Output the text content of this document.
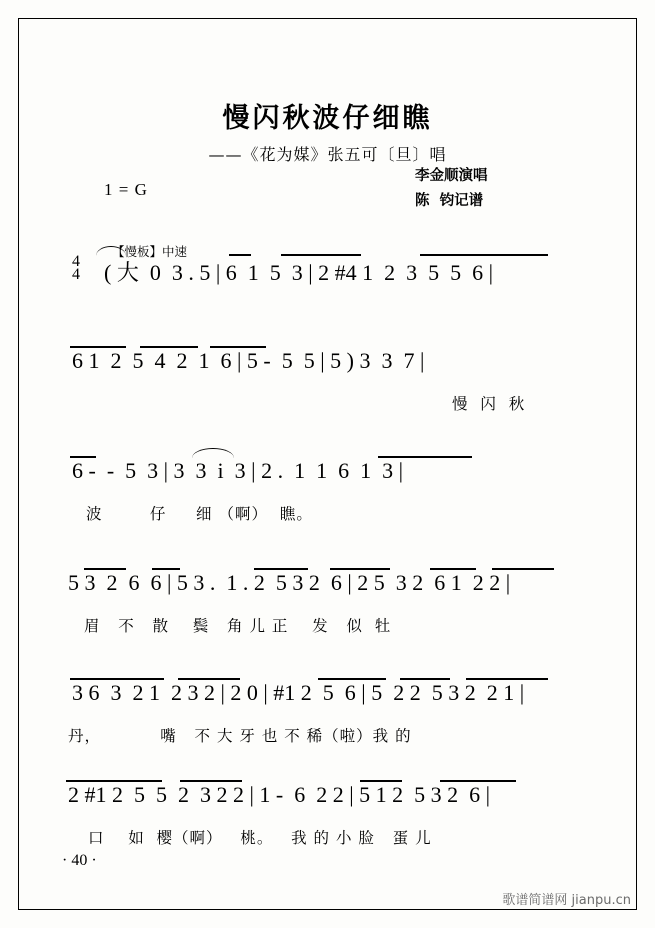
慢闪秋波仔细瞧
——《花为媒》张五可〔旦〕唱
李金顺演唱
陈  钧记谱
1 = G
【慢板】中速
4
4 ( 大  0  3 . 5 | 6  1  5  3 | 2 #4 1  2  3  5  5  6 |
6 1  2  5  4  2  1  6 | 5 -  5  5 | 5 ) 3  3  7 |
慢  闪  秋
6 -  -  5  3 | 3  3  i  3 | 2 .  1  1  6  1  3 |
波        仔     细 （啊）  瞧。
5 3  2  6  6 | 5 3 .  1 . 2  5 3 2  6 | 2 5  3 2  6 1  2 2 |
眉   不   散    鬓   角 儿 正    发   似  牡
3 6  3  2 1  2 3 2 | 2 0 | #1 2  5  6 | 5  2 2  5 3 2  2 1 |
丹，          嘴   不 大 牙 也 不 稀（啦）我 的
2 #1 2  5  5  2  3 2 2 | 1 -  6  2 2 | 5 1 2  5 3 2  6 |
口    如  樱（啊）   桃。   我 的 小 脸   蛋 儿
· 40 ·
歌谱简谱网 jianpu.cn
